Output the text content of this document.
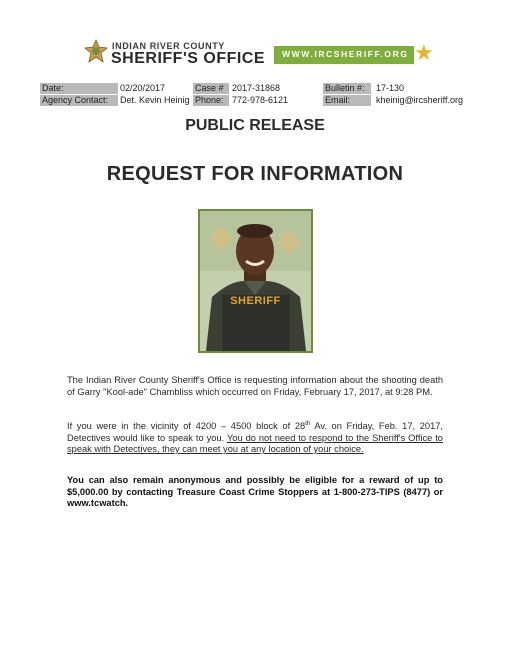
INDIAN RIVER COUNTY
SHERIFF'S OFFICE WWW.IRCSHERIFF.ORG ★
Date:	02/20/2017
Agency Contact:	Det. Kevin Heinig
Case # 2017-31868
Phone: 772-978-6121
Bulletin #:	17-130
Email:	kheinig@ircsheriff.org
PUBLIC RELEASE
REQUEST FOR INFORMATION
SHERIFF
The Indian River County Sheriff's Office is requesting information about the shooting death of Garry "Kool-ade" Chambliss which occurred on Friday, February 17, 2017, at 9:28 PM.
If you were in the vicinity of 4200 – 4500 block of 28th Av. on Friday, Feb. 17, 2017, Detectives would like to speak to you. You do not need to respond to the Sheriff's Office to speak with Detectives, they can meet you at any location of your choice.
You can also remain anonymous and possibly be eligible for a reward of up to $5,000.00 by contacting Treasure Coast Crime Stoppers at 1-800-273-TIPS (8477) or www.tcwatch.
